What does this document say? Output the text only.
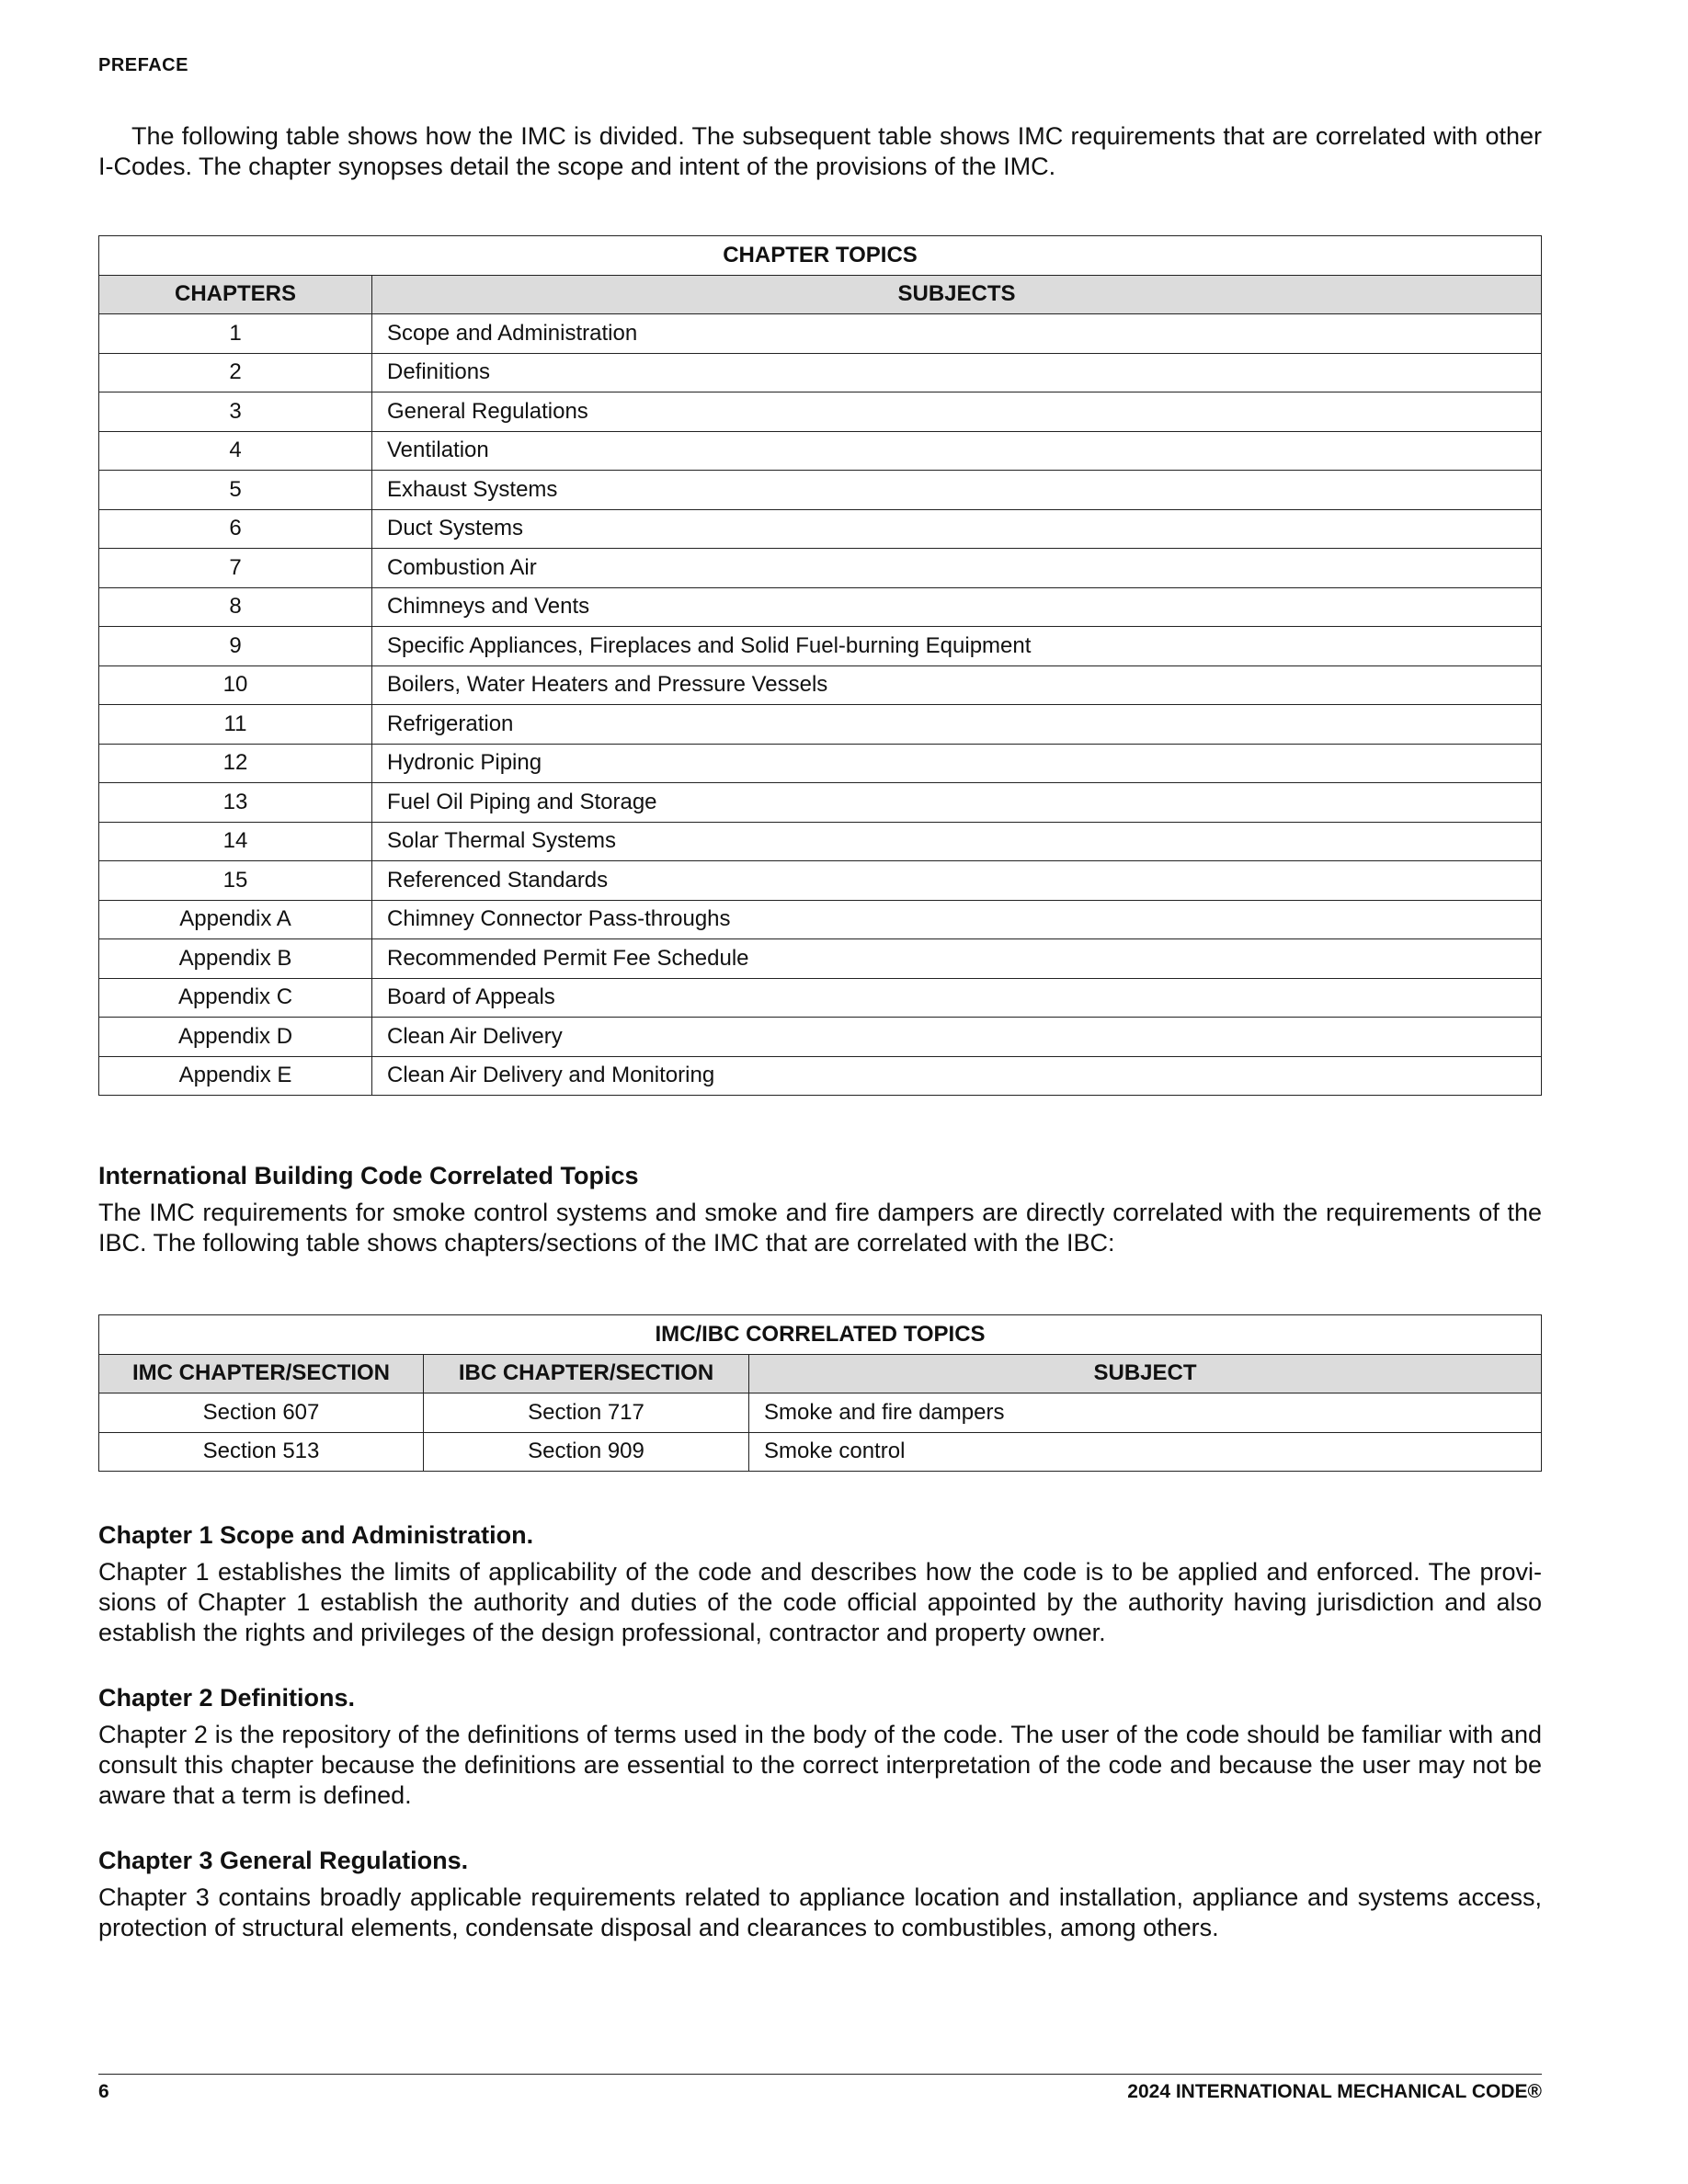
PREFACE

The following table shows how the IMC is divided. The subsequent table shows IMC requirements that are correlated with other I-Codes. The chapter synopses detail the scope and intent of the provisions of the IMC.

CHAPTER TOPICS	
CHAPTERS	SUBJECTS
1	Scope and Administration
2	Definitions
3	General Regulations
4	Ventilation
5	Exhaust Systems
6	Duct Systems
7	Combustion Air
8	Chimneys and Vents
9	Specific Appliances, Fireplaces and Solid Fuel-burning Equipment
10	Boilers, Water Heaters and Pressure Vessels
11	Refrigeration
12	Hydronic Piping
13	Fuel Oil Piping and Storage
14	Solar Thermal Systems
15	Referenced Standards
Appendix A	Chimney Connector Pass-throughs
Appendix B	Recommended Permit Fee Schedule
Appendix C	Board of Appeals
Appendix D	Clean Air Delivery
Appendix E	Clean Air Delivery and Monitoring
International Building Code Correlated Topics

The IMC requirements for smoke control systems and smoke and fire dampers are directly correlated with the requirements of the IBC. The following table shows chapters/sections of the IMC that are correlated with the IBC:

IMC/IBC CORRELATED TOPICS		
IMC CHAPTER/SECTION	IBC CHAPTER/SECTION	SUBJECT
Section 607	Section 717	Smoke and fire dampers
Section 513	Section 909	Smoke control
Chapter 1 Scope and Administration.

Chapter 1 establishes the limits of applicability of the code and describes how the code is to be applied and enforced. The provi-sions of Chapter 1 establish the authority and duties of the code official appointed by the authority having jurisdiction and also establish the rights and privileges of the design professional, contractor and property owner.

Chapter 2 Definitions.

Chapter 2 is the repository of the definitions of terms used in the body of the code. The user of the code should be familiar with and consult this chapter because the definitions are essential to the correct interpretation of the code and because the user may not be aware that a term is defined.

Chapter 3 General Regulations.

Chapter 3 contains broadly applicable requirements related to appliance location and installation, appliance and systems access, protection of structural elements, condensate disposal and clearances to combustibles, among others.

6	2024 INTERNATIONAL MECHANICAL CODE®
